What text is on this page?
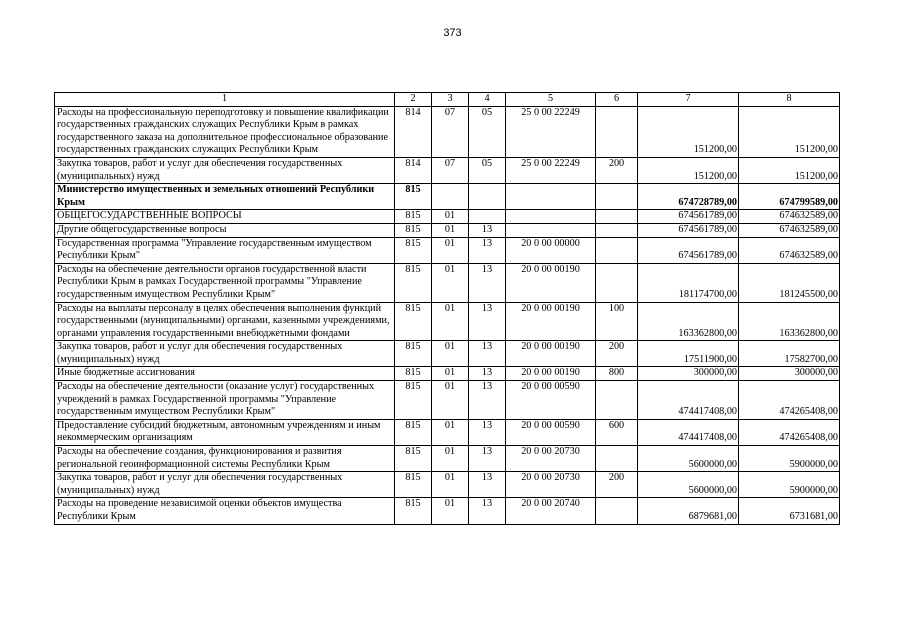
373
1	2	3	4	5	6	7	8
Расходы на профессиональную переподготовку и повышение квалификации государственных гражданских служащих Республики Крым в рамках государственного заказа на дополнительное профессиональное образование государственных гражданских служащих Республики Крым	814	07	05	25 0 00 22249		151200,00	151200,00
Закупка товаров, работ и услуг для обеспечения государственных (муниципальных) нужд	814	07	05	25 0 00 22249	200	151200,00	151200,00
Министерство имущественных и земельных отношений Республики Крым	815					674728789,00	674799589,00
ОБЩЕГОСУДАРСТВЕННЫЕ ВОПРОСЫ	815	01				674561789,00	674632589,00
Другие общегосударственные вопросы	815	01	13			674561789,00	674632589,00
Государственная программа "Управление государственным имуществом Республики Крым"	815	01	13	20 0 00 00000		674561789,00	674632589,00
Расходы на обеспечение деятельности органов государственной власти Республики Крым в рамках Государственной программы "Управление государственным имуществом Республики Крым"	815	01	13	20 0 00 00190		181174700,00	181245500,00
Расходы на выплаты персоналу в целях обеспечения выполнения функций государственными (муниципальными) органами, казенными учреждениями, органами управления государственными внебюджетными фондами	815	01	13	20 0 00 00190	100	163362800,00	163362800,00
Закупка товаров, работ и услуг для обеспечения государственных (муниципальных) нужд	815	01	13	20 0 00 00190	200	17511900,00	17582700,00
Иные бюджетные ассигнования	815	01	13	20 0 00 00190	800	300000,00	300000,00
Расходы на обеспечение деятельности (оказание услуг) государственных учреждений в рамках Государственной программы "Управление государственным имуществом Республики Крым"	815	01	13	20 0 00 00590		474417408,00	474265408,00
Предоставление субсидий бюджетным, автономным учреждениям и иным некоммерческим организациям	815	01	13	20 0 00 00590	600	474417408,00	474265408,00
Расходы на обеспечение создания, функционирования и развития региональной геоинформационной системы Республики Крым	815	01	13	20 0 00 20730		5600000,00	5900000,00
Закупка товаров, работ и услуг для обеспечения государственных (муниципальных) нужд	815	01	13	20 0 00 20730	200	5600000,00	5900000,00
Расходы на проведение независимой оценки объектов имущества Республики Крым	815	01	13	20 0 00 20740		6879681,00	6731681,00
